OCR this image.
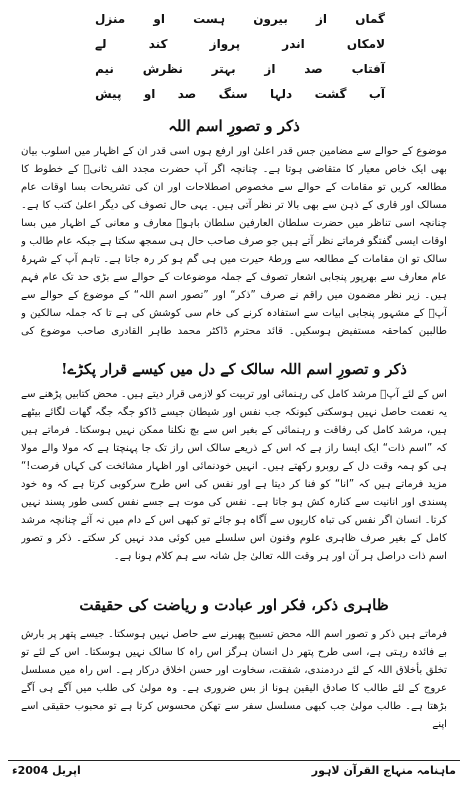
منزل او ہست بیرون از گماں
لے	کند	پرواز	اندر	لامکاں
نیم نظرش بہتر از صد آفتاب
پیش او صد سنگ دلہا گشت آب
ذکر و تصورِ اسم اللہ

موضوع کے حوالے سے مضامین جس قدر اعلیٰ اور ارفع ہوں اسی قدر ان کے اظہار میں اسلوب بیان بھی ایک خاص معیار کا متقاضی ہوتا ہے۔ چنانچہ اگر آپ حضرت مجدد الف ثانیؒ کے خطوط کا مطالعہ کریں تو مقامات کے حوالے سے مخصوص اصطلاحات اور ان کی تشریحات بسا اوقات عام مسالک اور قاری کے ذہن سے بھی بالا تر نظر آتی ہیں۔ یہی حال تصوف کی دیگر اعلیٰ کتب کا ہے۔ چنانچہ اسی تناظر میں حضرت سلطان العارفین سلطان باہوؒ معارف و معانی کے اظہار میں بسا اوقات ایسی گفتگو فرماتے نظر آتے ہیں جو صرف صاحب حال ہی سمجھ سکتا ہے جبکہ عام طالب و سالک تو ان مقامات کے مطالعہ سے ورطۂ حیرت میں ہی گم ہو کر رہ جاتا ہے۔ تاہم آپ کے شہرۂ عام معارف سے بھرپور پنجابی اشعار تصوف کے جملہ موضوعات کے حوالے سے بڑی حد تک عام فہم ہیں۔ زیر نظر مضمون میں راقم نے صرف ”ذکر“ اور ”تصور اسم اللہ“ کے موضوع کے حوالے سے آپؒ کے مشہور پنجابی ابیات سے استفادہ کرنے کی خام سی کوشش کی ہے تا کہ جملہ سالکین و طالبین کماحقہ مستفیض ہوسکیں۔ قائد محترم ڈاکٹر محمد طاہر القادری صاحب موضوع کی

ذکر و تصورِ اسم اللہ سالک کے دل میں کیسے قرار پکڑے!

اس کے لئے آپؒ مرشد کامل کی رہنمائی اور تربیت کو لازمی قرار دیتے ہیں۔ محض کتابیں پڑھنے سے یہ نعمت حاصل نہیں ہوسکتی کیونکہ جب نفس اور شیطان جیسے ڈاکو جگہ جگہ گھات لگائے بیٹھے ہیں، مرشد کامل کی رفاقت و رہنمائی کے بغیر اس سے بچ نکلنا ممکن نہیں ہوسکتا۔ فرماتے ہیں کہ ”اسم ذات“ ایک ایسا راز ہے کہ اس کے ذریعے سالک اس راز تک جا پہنچتا ہے کہ مولا والے مولا ہی کو ہمہ وقت دل کے روبرو رکھتے ہیں۔ انہیں خودنمائی اور اظہار مشائخت کی کہاں فرصت!“ مزید فرماتے ہیں کہ ”انا“ کو فنا کر دیتا ہے اور نفس کی اس طرح سرکوبی کرتا ہے کہ وہ خود پسندی اور انانیت سے کنارہ کش ہو جاتا ہے۔ نفس کی موت ہے جسے نفس کسی طور پسند نہیں کرتا۔ انسان اگر نفس کی تباہ کاریوں سے آگاہ ہو جائے تو کبھی اس کے دام میں نہ آئے چنانچہ مرشد کامل کے بغیر صرف ظاہری علوم وفنون اس سلسلے میں کوئی مدد نہیں کر سکتے۔ ذکر و تصور اسم ذات دراصل ہر آن اور ہر وقت اللہ تعالیٰ جل شانہ سے ہم کلام ہونا ہے۔

ظاہری ذکر، فکر اور عبادت و ریاضت کی حقیقت

فرماتے ہیں ذکر و تصور اسم اللہ محض تسبیح پھیرنے سے حاصل نہیں ہوسکتا۔ جیسے پتھر پر بارش بے فائدہ رہتی ہے، اسی طرح پتھر دل انسان ہرگز اس راہ کا سالک نہیں ہوسکتا۔ اس کے لئے تو تخلق بأخلاق اللہ کے لئے دردمندی، شفقت، سخاوت اور حسن اخلاق درکار ہے۔ اس راہ میں مسلسل عروج کے لئے طالب کا صادق الیقین ہونا از بس ضروری ہے۔ وہ مولیٰ کی طلب میں آگے ہی آگے بڑھتا ہے۔ طالب مولیٰ جب کبھی مسلسل سفر سے تھکن محسوس کرتا ہے تو محبوب حقیقی اسے اپنے

ماہنامہ منہاج القرآن لاہور
اپریل 2004ء
